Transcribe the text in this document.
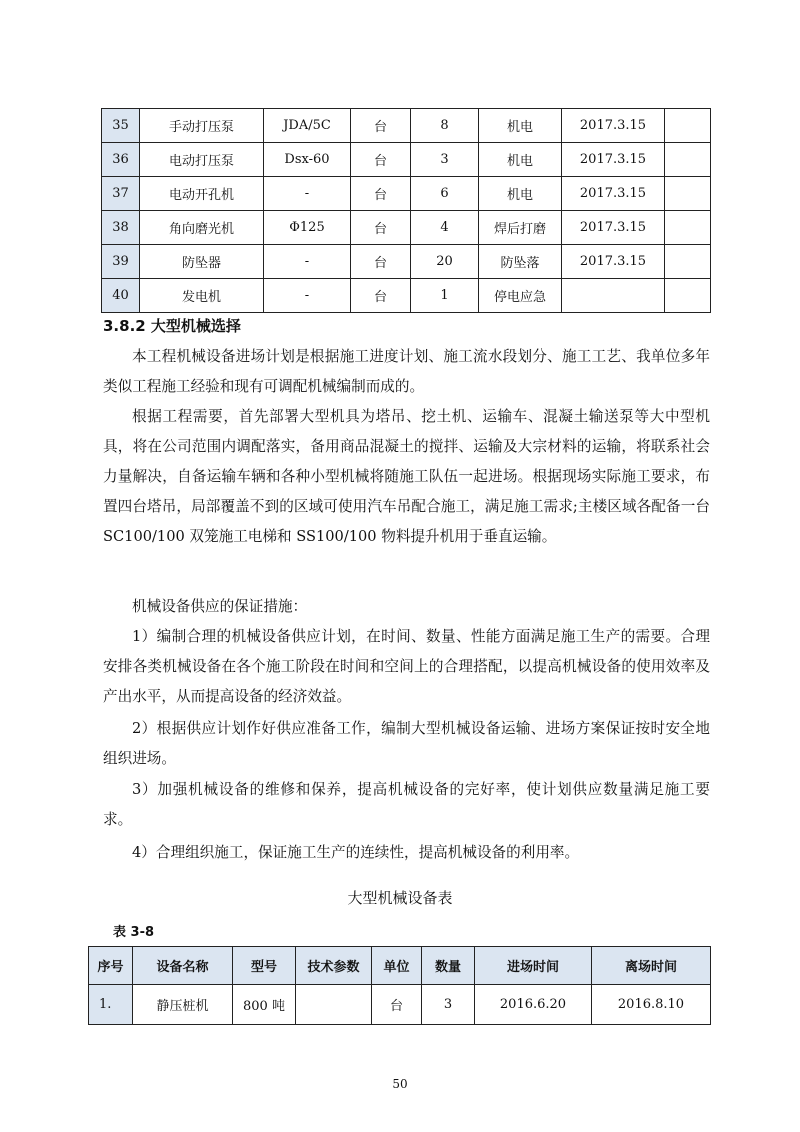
35	手动打压泵	JDA/5C	台	8	机电	2017.3.15	
36	电动打压泵	Dsx-60	台	3	机电	2017.3.15	
37	电动开孔机	-	台	6	机电	2017.3.15	
38	角向磨光机	Φ125	台	4	焊后打磨	2017.3.15	
39	防坠器	-	台	20	防坠落	2017.3.15	
40	发电机	-	台	1	停电应急		
3.8.2 大型机械选择

本工程机械设备进场计划是根据施工进度计划、施工流水段划分、施工工艺、我单位多年类似工程施工经验和现有可调配机械编制而成的。

根据工程需要，首先部署大型机具为塔吊、挖土机、运输车、混凝土输送泵等大中型机具，将在公司范围内调配落实，备用商品混凝土的搅拌、运输及大宗材料的运输，将联系社会力量解决，自备运输车辆和各种小型机械将随施工队伍一起进场。根据现场实际施工要求，布置四台塔吊，局部覆盖不到的区域可使用汽车吊配合施工，满足施工需求;主楼区域各配备一台 SC100/100 双笼施工电梯和 SS100/100 物料提升机用于垂直运输。

机械设备供应的保证措施：

1）编制合理的机械设备供应计划，在时间、数量、性能方面满足施工生产的需要。合理安排各类机械设备在各个施工阶段在时间和空间上的合理搭配，以提高机械设备的使用效率及产出水平，从而提高设备的经济效益。

2）根据供应计划作好供应准备工作，编制大型机械设备运输、进场方案保证按时安全地组织进场。

3）加强机械设备的维修和保养，提高机械设备的完好率，使计划供应数量满足施工要求。

4）合理组织施工，保证施工生产的连续性，提高机械设备的利用率。

大型机械设备表
表 3-8
序号	设备名称	型号	技术参数	单位	数量	进场时间	离场时间
1.	静压桩机	800 吨		台	3	2016.6.20	2016.8.10
50
